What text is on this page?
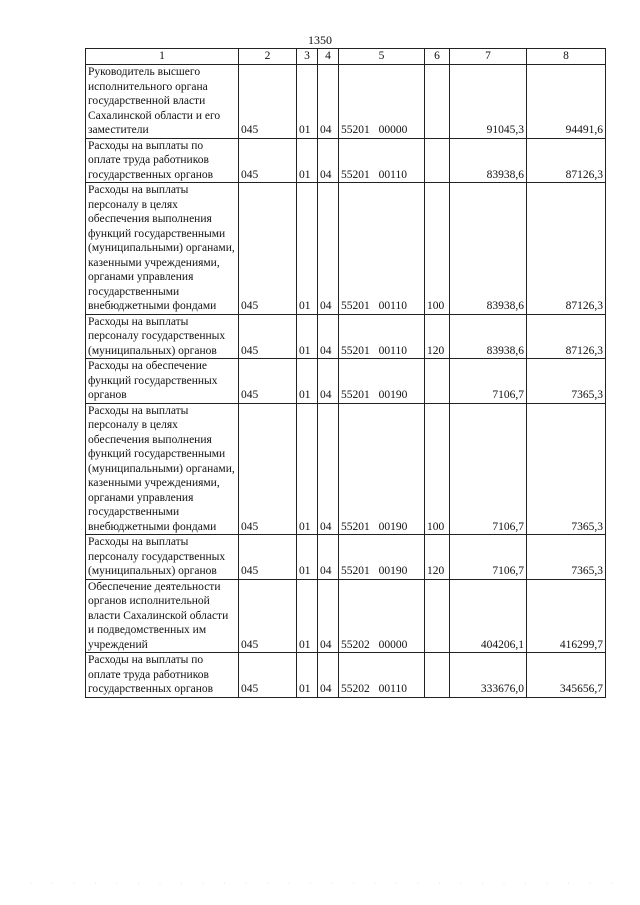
1350
1	2	3	4	5	6	7	8
Руководитель высшего исполнительного органа государственной власти Сахалинской области и его заместители	045	01	04	55201 00000		91045,3	94491,6
Расходы на выплаты по оплате труда работников государственных органов	045	01	04	55201 00110		83938,6	87126,3
Расходы на выплаты персоналу в целях обеспечения выполнения функций государственными (муниципальными) органами, казенными учреждениями, органами управления государственными внебюджетными фондами	045	01	04	55201 00110	100	83938,6	87126,3
Расходы на выплаты персоналу государственных (муниципальных) органов	045	01	04	55201 00110	120	83938,6	87126,3
Расходы на обеспечение функций государственных органов	045	01	04	55201 00190		7106,7	7365,3
Расходы на выплаты персоналу в целях обеспечения выполнения функций государственными (муниципальными) органами, казенными учреждениями, органами управления государственными внебюджетными фондами	045	01	04	55201 00190	100	7106,7	7365,3
Расходы на выплаты персоналу государственных (муниципальных) органов	045	01	04	55201 00190	120	7106,7	7365,3
Обеспечение деятельности органов исполнительной власти Сахалинской области и подведомственных им учреждений	045	01	04	55202 00000		404206,1	416299,7
Расходы на выплаты по оплате труда работников государственных органов	045	01	04	55202 00110		333676,0	345656,7
· · · · · · · · · · · · · · · · · · · · · · · · · · · ·
